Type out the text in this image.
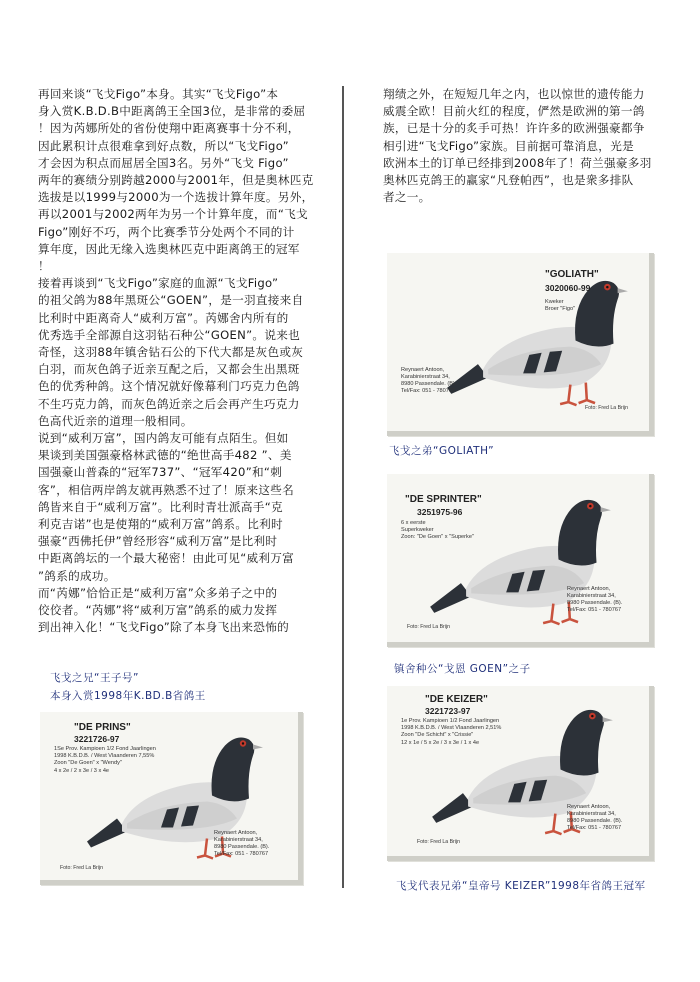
再回来谈“飞戈Figo”本身。其实“飞戈Figo”本
身入赏K.B.D.B中距离鸽王全国3位，是非常的委屈
！因为芮娜所处的省份使翔中距离赛事十分不利，
因此累积计点很难拿到好点数，所以“飞戈Figo”
才会因为积点而屈居全国3名。另外“飞戈 Figo”
两年的赛绩分别跨越2000与2001年，但是奥林匹克
选拔是以1999与2000为一个选拔计算年度。另外，
再以2001与2002两年为另一个计算年度，而“飞戈
Figo”刚好不巧，两个比赛季节分处两个不同的计
算年度，因此无缘入选奥林匹克中距离鸽王的冠军
！

接着再谈到“飞戈Figo”家庭的血源“飞戈Figo”
的祖父鸽为88年黑斑公“GOEN”，是一羽直接来自
比利时中距离奇人“威利万富”。芮娜舍内所有的
优秀选手全部源自这羽钻石种公“GOEN”。说来也
奇怪，这羽88年镇舍钻石公的下代大都是灰色或灰
白羽，而灰色鸽子近亲互配之后，又都会生出黑斑
色的优秀种鸽。这个情况就好像幕利门巧克力色鸽
不生巧克力鸽，而灰色鸽近亲之后会再产生巧克力
色高代近亲的道理一般相同。

说到“威利万富”，国内鸽友可能有点陌生。但如
果谈到美国强豪格林武德的“绝世高手482 ”、美
国强豪山普森的“冠军737”、“冠军420”和“刺
客”，相信两岸鸽友就再熟悉不过了！原来这些名
鸽皆来自于“威利万富”。比利时青壮派高手“克
利克吉诺”也是使翔的“威利万富”鸽系。比利时
强豪“西佛托伊”曾经形容“威利万富”是比利时
中距离鸽坛的一个最大秘密！由此可见“威利万富
”鸽系的成功。

而“芮娜”恰恰正是“威利万富”众多弟子之中的
佼佼者。“芮娜”将“威利万富”鸽系的威力发挥
到出神入化！“飞戈Figo”除了本身飞出来恐怖的

翔绩之外，在短短几年之内，也以惊世的遗传能力
威震全欧！目前火红的程度，俨然是欧洲的第一鸽
族，已是十分的炙手可热！许许多的欧洲强豪都争
相引进“飞戈Figo”家族。目前据可靠消息，光是
欧洲本土的订单已经排到2008年了！荷兰强豪多羽
奥林匹克鸽王的赢家“凡登帕西”，也是衆多排队
者之一。

"GOLIATH"
3020060-99
Kweker
Broer "Figo"
Reynaert Antoon,
Karabinierstraat 34,
8980 Passendale. (B).
Tel/Fax: 051 - 780767
Foto: Fred La Brijn
飞戈之弟“GOLIATH”
"DE SPRINTER"
3251975-96
6 x eerste
Superkweker
Zoon: "De Goen" x "Superke"
Reynaert Antoon,
Karabinierstraat 34,
8980 Passendale. (B).
Tel/Fax: 051 - 780767
Foto: Fred La Brijn
镇舍种公“戈恩 GOEN”之子
"DE KEIZER"
3221723-97
1e Prov. Kampioen 1/2 Fond Jaarlingen
1998 K.B.D.B. / West Vlaanderen 2,51%
Zoon "De Schicht" x "Crissie"
12 x 1e / 5 x 2e / 3 x 3e / 1 x 4e
Reynaert Antoon,
Karabinierstraat 34,
8980 Passendale. (B).
Tel/Fax: 051 - 780767
Foto: Fred La Brijn
飞戈代表兄弟“皇帝号 KEIZER”1998年省鸽王冠军
飞戈之兄“王子号”
本身入赏1998年K.BD.B省鸽王
"DE PRINS"
3221726-97
1Se Prov. Kampioen 1/2 Fond Jaarlingen
1998 K.B.D.B. / West Vlaanderen 7,55%
Zoon "De Goen" x "Wendy"
4 x 2e / 2 x 3e / 3 x 4e
Reynaert Antoon,
Karabinierstraat 34,
8980 Passendale. (B).
Tel/Fax: 051 - 780767
Foto: Fred La Brijn
